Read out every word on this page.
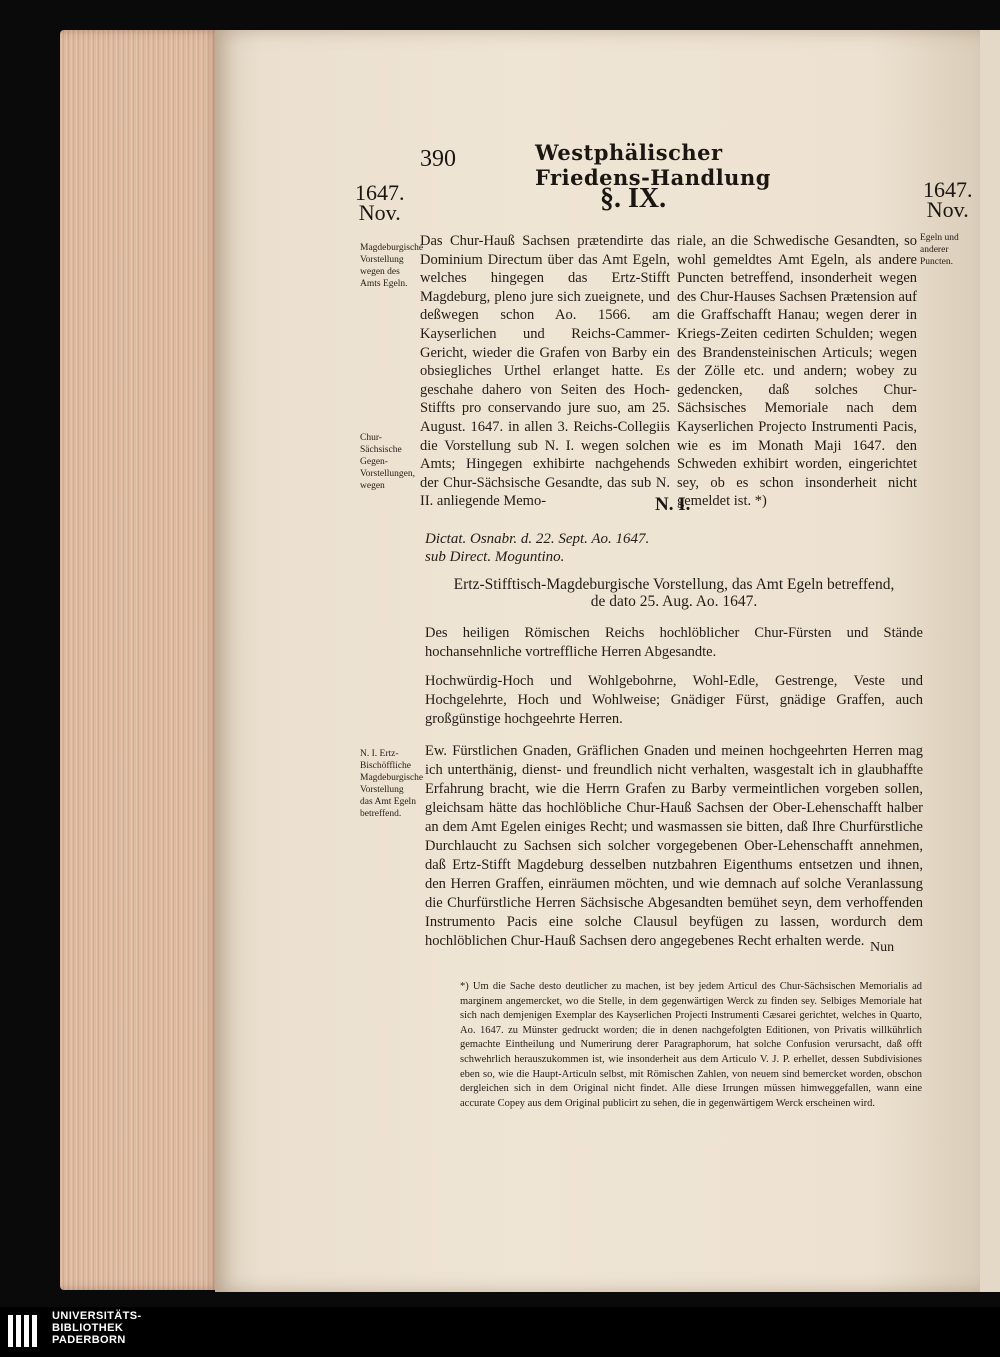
390	Westphälischer Friedens-Handlung
1647.
Nov.
1647.
Nov.
§. IX.
Magdeburgische Vorstellung wegen des Amts Egeln.
Egeln und anderer Puncten.
Chur-Sächsische Gegen-Vorstellungen, wegen
N. I. Ertz-Bischöffliche Magdeburgische Vorstellung das Amt Egeln betreffend.
Das Chur-Hauß Sachsen prætendirte das Dominium Directum über das Amt Egeln, welches hingegen das Ertz-Stifft Magdeburg, pleno jure sich zueignete, und deßwegen schon Ao. 1566. am Kayserlichen und Reichs-Cammer-Gericht, wieder die Grafen von Barby ein obsiegliches Urthel erlanget hatte. Es geschahe dahero von Seiten des Hoch-Stiffts pro conservando jure suo, am 25. August. 1647. in allen 3. Reichs-Collegiis die Vorstellung sub N. I. wegen solchen Amts; Hingegen exhibirte nachgehends der Chur-Sächsische Gesandte, das sub N. II. anliegende Memo-
riale, an die Schwedische Gesandten, so wohl gemeldtes Amt Egeln, als andere Puncten betreffend, insonderheit wegen des Chur-Hauses Sachsen Prætension auf die Graffschafft Hanau; wegen derer in Kriegs-Zeiten cedirten Schulden; wegen des Brandensteinischen Articuls; wegen der Zölle etc. und andern; wobey zu gedencken, daß solches Chur-Sächsisches Memoriale nach dem Kayserlichen Projecto Instrumenti Pacis, wie es im Monath Maji 1647. den Schweden exhibirt worden, eingerichtet sey, ob es schon insonderheit nicht gemeldet ist. *)
N. I.
Dictat. Osnabr. d. 22. Sept. Ao. 1647.
sub Direct. Moguntino.
Ertz-Stifftisch-Magdeburgische Vorstellung, das Amt Egeln betreffend,
de dato 25. Aug. Ao. 1647.
Des heiligen Römischen Reichs hochlöblicher Chur-Fürsten und Stände hochansehnliche vortreffliche Herren Abgesandte.
Hochwürdig-Hoch und Wohlgebohrne, Wohl-Edle, Gestrenge, Veste und Hochgelehrte, Hoch und Wohlweise; Gnädiger Fürst, gnädige Graffen, auch großgünstige hochgeehrte Herren.
Ew. Fürstlichen Gnaden, Gräflichen Gnaden und meinen hochgeehrten Herren mag ich unterthänig, dienst- und freundlich nicht verhalten, wasgestalt ich in glaubhaffte Erfahrung bracht, wie die Herrn Grafen zu Barby vermeintlichen vorgeben sollen, gleichsam hätte das hochlöbliche Chur-Hauß Sachsen der Ober-Lehenschafft halber an dem Amt Egelen einiges Recht; und wasmassen sie bitten, daß Ihre Churfürstliche Durchlaucht zu Sachsen sich solcher vorgegebenen Ober-Lehenschafft annehmen, daß Ertz-Stifft Magdeburg desselben nutzbahren Eigenthums entsetzen und ihnen, den Herren Graffen, einräumen möchten, und wie demnach auf solche Veranlassung die Churfürstliche Herren Sächsische Abgesandten bemühet seyn, dem verhoffenden Instrumento Pacis eine solche Clausul beyfügen zu lassen, wordurch dem hochlöblichen Chur-Hauß Sachsen dero angegebenes Recht erhalten werde. Nun
*) Um die Sache desto deutlicher zu machen, ist bey jedem Articul des Chur-Sächsischen Memorialis ad marginem angemercket, wo die Stelle, in dem gegenwärtigen Werck zu finden sey. Selbiges Memoriale hat sich nach demjenigen Exemplar des Kayserlichen Projecti Instrumenti Cæsarei gerichtet, welches in Quarto, Ao. 1647. zu Münster gedruckt worden; die in denen nachgefolgten Editionen, von Privatis willkührlich gemachte Eintheilung und Numerirung derer Paragraphorum, hat solche Confusion verursacht, daß offt schwehrlich herauszukommen ist, wie insonderheit aus dem Articulo V. J. P. erhellet, dessen Subdivisiones eben so, wie die Haupt-Articuln selbst, mit Römischen Zahlen, von neuem sind bemercket worden, obschon dergleichen sich in dem Original nicht findet. Alle diese Irrungen müssen himweggefallen, wann eine accurate Copey aus dem Original publicirt zu sehen, die in gegenwärtigem Werck erscheinen wird.
UNIVERSITÄTS-
BIBLIOTHEK
PADERBORN
